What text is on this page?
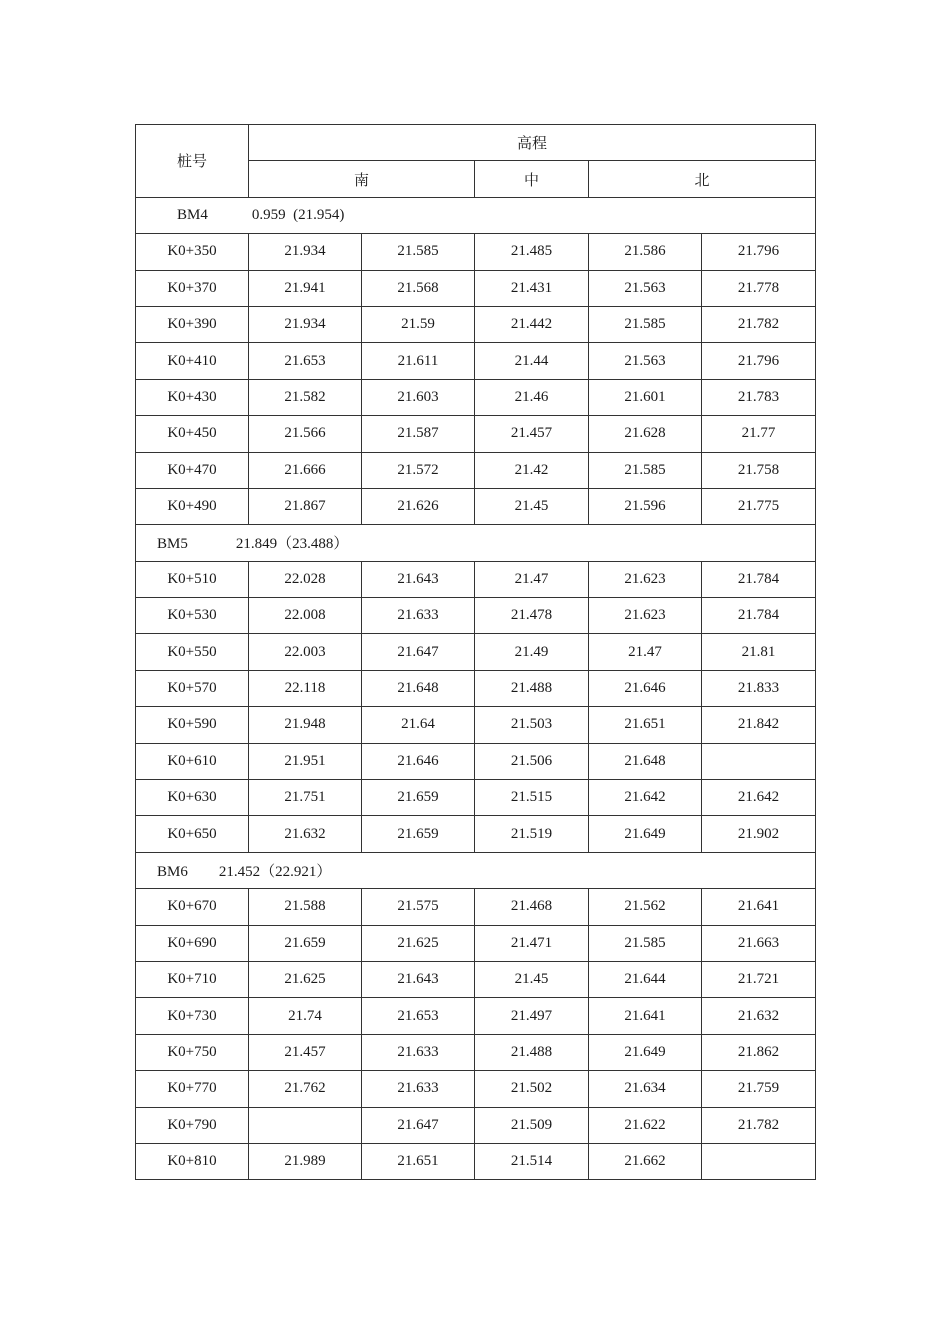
桩号	高程				
	南		中	北	
BM4 0.959  (21.954)					
K0+350	21.934	21.585	21.485	21.586	21.796
K0+370	21.941	21.568	21.431	21.563	21.778
K0+390	21.934	21.59	21.442	21.585	21.782
K0+410	21.653	21.611	21.44	21.563	21.796
K0+430	21.582	21.603	21.46	21.601	21.783
K0+450	21.566	21.587	21.457	21.628	21.77
K0+470	21.666	21.572	21.42	21.585	21.758
K0+490	21.867	21.626	21.45	21.596	21.775
BM5 21.849（23.488）					
K0+510	22.028	21.643	21.47	21.623	21.784
K0+530	22.008	21.633	21.478	21.623	21.784
K0+550	22.003	21.647	21.49	21.47	21.81
K0+570	22.118	21.648	21.488	21.646	21.833
K0+590	21.948	21.64	21.503	21.651	21.842
K0+610	21.951	21.646	21.506	21.648	
K0+630	21.751	21.659	21.515	21.642	21.642
K0+650	21.632	21.659	21.519	21.649	21.902
BM6 21.452（22.921）					
K0+670	21.588	21.575	21.468	21.562	21.641
K0+690	21.659	21.625	21.471	21.585	21.663
K0+710	21.625	21.643	21.45	21.644	21.721
K0+730	21.74	21.653	21.497	21.641	21.632
K0+750	21.457	21.633	21.488	21.649	21.862
K0+770	21.762	21.633	21.502	21.634	21.759
K0+790		21.647	21.509	21.622	21.782
K0+810	21.989	21.651	21.514	21.662	
